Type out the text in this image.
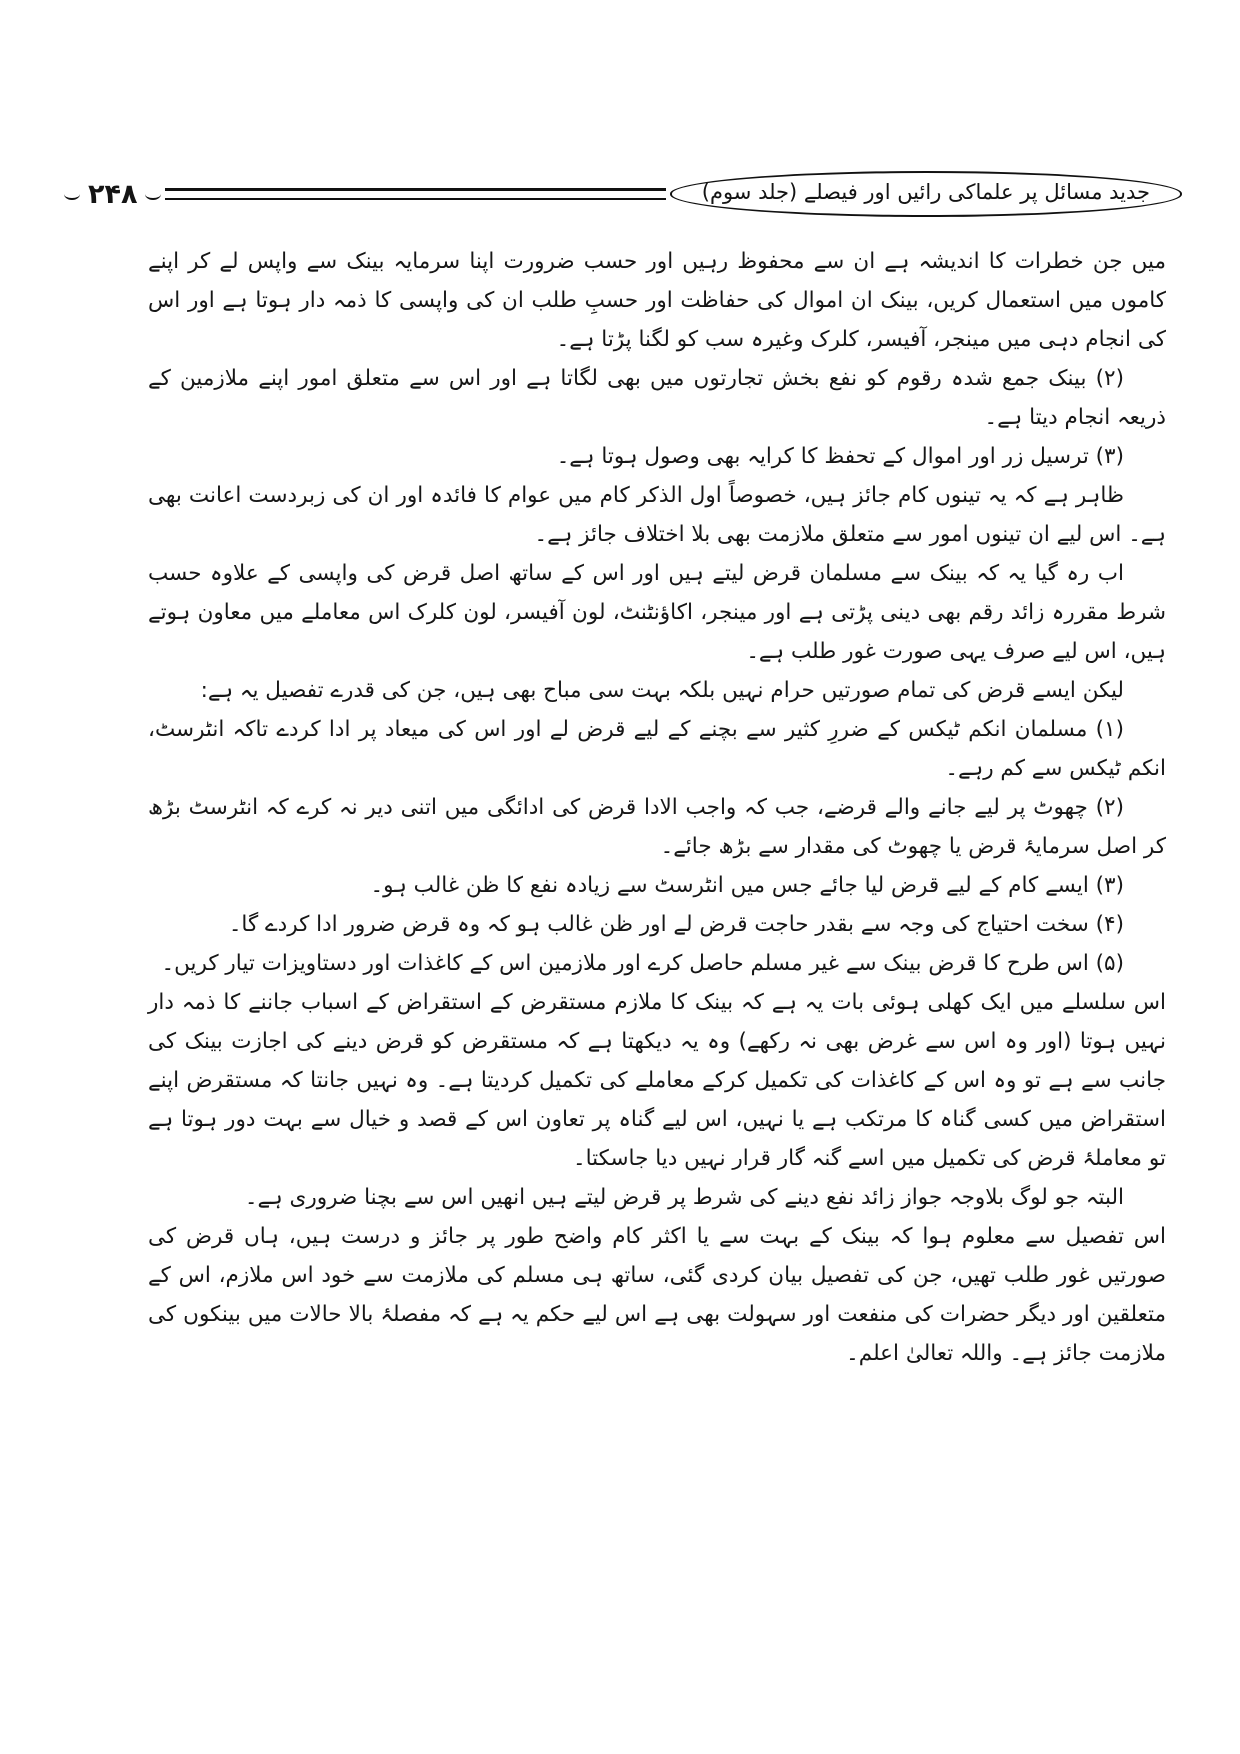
جدید مسائل پر علماکی رائیں اور فیصلے (جلد سوم)
۲۴۸

میں جن خطرات کا اندیشہ ہے ان سے محفوظ رہیں اور حسب ضرورت اپنا سرمایہ بینک سے واپس لے کر اپنے کاموں میں استعمال کریں، بینک ان اموال کی حفاظت اور حسبِ طلب ان کی واپسی کا ذمہ دار ہوتا ہے اور اس کی انجام دہی میں مینجر، آفیسر، کلرک وغیرہ سب کو لگنا پڑتا ہے۔

(۲) بینک جمع شدہ رقوم کو نفع بخش تجارتوں میں بھی لگاتا ہے اور اس سے متعلق امور اپنے ملازمین کے ذریعہ انجام دیتا ہے۔

(۳) ترسیل زر اور اموال کے تحفظ کا کرایہ بھی وصول ہوتا ہے۔

ظاہر ہے کہ یہ تینوں کام جائز ہیں، خصوصاً اول الذکر کام میں عوام کا فائدہ اور ان کی زبردست اعانت بھی ہے۔ اس لیے ان تینوں امور سے متعلق ملازمت بھی بلا اختلاف جائز ہے۔

اب رہ گیا یہ کہ بینک سے مسلمان قرض لیتے ہیں اور اس کے ساتھ اصل قرض کی واپسی کے علاوہ حسب شرط مقررہ زائد رقم بھی دینی پڑتی ہے اور مینجر، اکاؤنٹنٹ، لون آفیسر، لون کلرک اس معاملے میں معاون ہوتے ہیں، اس لیے صرف یہی صورت غور طلب ہے۔

لیکن ایسے قرض کی تمام صورتیں حرام نہیں بلکہ بہت سی مباح بھی ہیں، جن کی قدرے تفصیل یہ ہے:

(۱) مسلمان انکم ٹیکس کے ضررِ کثیر سے بچنے کے لیے قرض لے اور اس کی میعاد پر ادا کردے تاکہ انٹرسٹ، انکم ٹیکس سے کم رہے۔

(۲) چھوٹ پر لیے جانے والے قرضے، جب کہ واجب الادا قرض کی ادائگی میں اتنی دیر نہ کرے کہ انٹرسٹ بڑھ کر اصل سرمایۂ قرض یا چھوٹ کی مقدار سے بڑھ جائے۔

(۳) ایسے کام کے لیے قرض لیا جائے جس میں انٹرسٹ سے زیادہ نفع کا ظن غالب ہو۔

(۴) سخت احتیاج کی وجہ سے بقدر حاجت قرض لے اور ظن غالب ہو کہ وہ قرض ضرور ادا کردے گا۔

(۵) اس طرح کا قرض بینک سے غیر مسلم حاصل کرے اور ملازمین اس کے کاغذات اور دستاویزات تیار کریں۔

اس سلسلے میں ایک کھلی ہوئی بات یہ ہے کہ بینک کا ملازم مستقرض کے استقراض کے اسباب جاننے کا ذمہ دار نہیں ہوتا (اور وہ اس سے غرض بھی نہ رکھے) وہ یہ دیکھتا ہے کہ مستقرض کو قرض دینے کی اجازت بینک کی جانب سے ہے تو وہ اس کے کاغذات کی تکمیل کرکے معاملے کی تکمیل کردیتا ہے۔ وہ نہیں جانتا کہ مستقرض اپنے استقراض میں کسی گناہ کا مرتکب ہے یا نہیں، اس لیے گناہ پر تعاون اس کے قصد و خیال سے بہت دور ہوتا ہے تو معاملۂ قرض کی تکمیل میں اسے گنہ گار قرار نہیں دیا جاسکتا۔

البتہ جو لوگ بلاوجہ جواز زائد نفع دینے کی شرط پر قرض لیتے ہیں انھیں اس سے بچنا ضروری ہے۔

اس تفصیل سے معلوم ہوا کہ بینک کے بہت سے یا اکثر کام واضح طور پر جائز و درست ہیں، ہاں قرض کی صورتیں غور طلب تھیں، جن کی تفصیل بیان کردی گئی، ساتھ ہی مسلم کی ملازمت سے خود اس ملازم، اس کے متعلقین اور دیگر حضرات کی منفعت اور سہولت بھی ہے اس لیے حکم یہ ہے کہ مفصلۂ بالا حالات میں بینکوں کی ملازمت جائز ہے۔ واللہ تعالیٰ اعلم۔
